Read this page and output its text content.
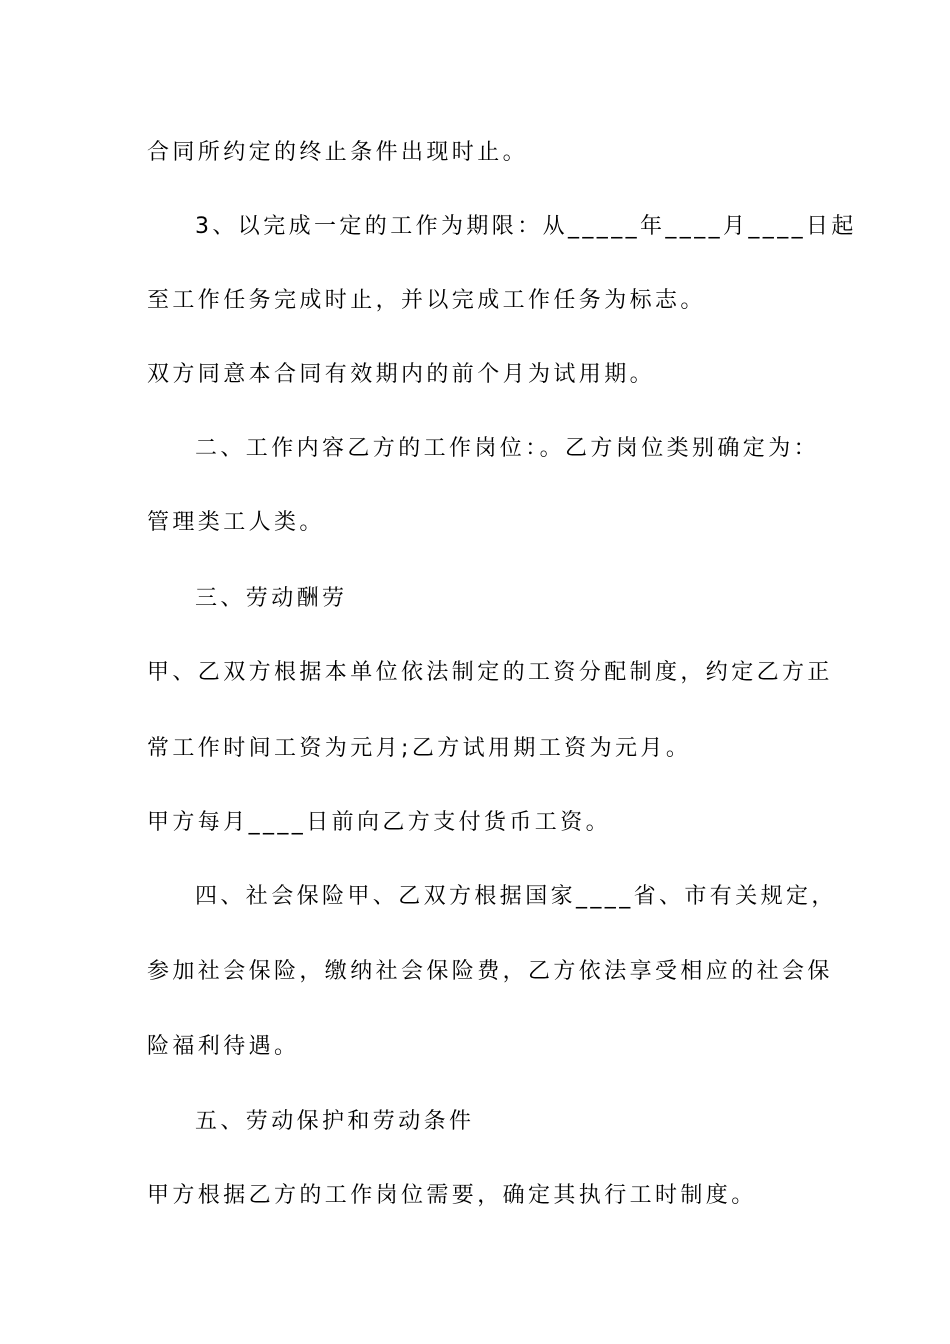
合同所约定的终止条件出现时止。
3、以完成一定的工作为期限：从_____年____月____日起
至工作任务完成时止，并以完成工作任务为标志。
双方同意本合同有效期内的前个月为试用期。
二、工作内容乙方的工作岗位：。乙方岗位类别确定为：
管理类工人类。
三、劳动酬劳
甲、乙双方根据本单位依法制定的工资分配制度，约定乙方正
常工作时间工资为元月;乙方试用期工资为元月。
甲方每月____日前向乙方支付货币工资。
四、社会保险甲、乙双方根据国家____省、市有关规定，
参加社会保险，缴纳社会保险费，乙方依法享受相应的社会保
险福利待遇。
五、劳动保护和劳动条件
甲方根据乙方的工作岗位需要，确定其执行工时制度。
